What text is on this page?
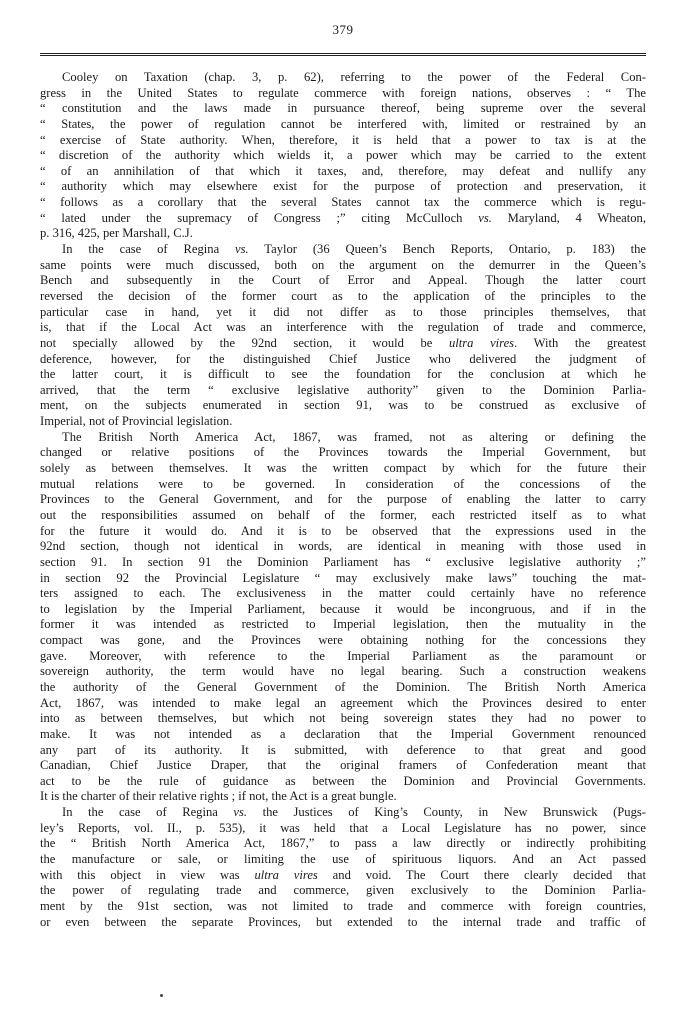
379
Cooley on Taxation (chap. 3, p. 62), referring to the power of the Federal Con-
gress in the United States to regulate commerce with foreign nations, observes : “ The
“ constitution and the laws made in pursuance thereof, being supreme over the several
“ States, the power of regulation cannot be interfered with, limited or restrained by an
“ exercise of State authority. When, therefore, it is held that a power to tax is at the
“ discretion of the authority which wields it, a power which may be carried to the extent
“ of an annihilation of that which it taxes, and, therefore, may defeat and nullify any
“ authority which may elsewhere exist for the purpose of protection and preservation, it
“ follows as a corollary that the several States cannot tax the commerce which is regu-
“ lated under the supremacy of Congress ;” citing McCulloch vs. Maryland, 4 Wheaton,
p. 316, 425, per Marshall, C.J.
In the case of Regina vs. Taylor (36 Queen’s Bench Reports, Ontario, p. 183) the
same points were much discussed, both on the argument on the demurrer in the Queen’s
Bench and subsequently in the Court of Error and Appeal. Though the latter court
reversed the decision of the former court as to the application of the principles to the
particular case in hand, yet it did not differ as to those principles themselves, that
is, that if the Local Act was an interference with the regulation of trade and commerce,
not specially allowed by the 92nd section, it would be ultra vires. With the greatest
deference, however, for the distinguished Chief Justice who delivered the judgment of
the latter court, it is difficult to see the foundation for the conclusion at which he
arrived, that the term “ exclusive legislative authority” given to the Dominion Parlia-
ment, on the subjects enumerated in section 91, was to be construed as exclusive of
Imperial, not of Provincial legislation.
The British North America Act, 1867, was framed, not as altering or defining the
changed or relative positions of the Provinces towards the Imperial Government, but
solely as between themselves. It was the written compact by which for the future their
mutual relations were to be governed. In consideration of the concessions of the
Provinces to the General Government, and for the purpose of enabling the latter to carry
out the responsibilities assumed on behalf of the former, each restricted itself as to what
for the future it would do. And it is to be observed that the expressions used in the
92nd section, though not identical in words, are identical in meaning with those used in
section 91. In section 91 the Dominion Parliament has “ exclusive legislative authority ;”
in section 92 the Provincial Legislature “ may exclusively make laws” touching the mat-
ters assigned to each. The exclusiveness in the matter could certainly have no reference
to legislation by the Imperial Parliament, because it would be incongruous, and if in the
former it was intended as restricted to Imperial legislation, then the mutuality in the
compact was gone, and the Provinces were obtaining nothing for the concessions they
gave. Moreover, with reference to the Imperial Parliament as the paramount or
sovereign authority, the term would have no legal bearing. Such a construction weakens
the authority of the General Government of the Dominion. The British North America
Act, 1867, was intended to make legal an agreement which the Provinces desired to enter
into as between themselves, but which not being sovereign states they had no power to
make. It was not intended as a declaration that the Imperial Government renounced
any part of its authority. It is submitted, with deference to that great and good
Canadian, Chief Justice Draper, that the original framers of Confederation meant that
act to be the rule of guidance as between the Dominion and Provincial Governments.
It is the charter of their relative rights ; if not, the Act is a great bungle.
In the case of Regina vs. the Justices of King’s County, in New Brunswick (Pugs-
ley’s Reports, vol. II., p. 535), it was held that a Local Legislature has no power, since
the “ British North America Act, 1867,” to pass a law directly or indirectly prohibiting
the manufacture or sale, or limiting the use of spirituous liquors. And an Act passed
with this object in view was ultra vires and void. The Court there clearly decided that
the power of regulating trade and commerce, given exclusively to the Dominion Parlia-
ment by the 91st section, was not limited to trade and commerce with foreign countries,
or even between the separate Provinces, but extended to the internal trade and traffic of
